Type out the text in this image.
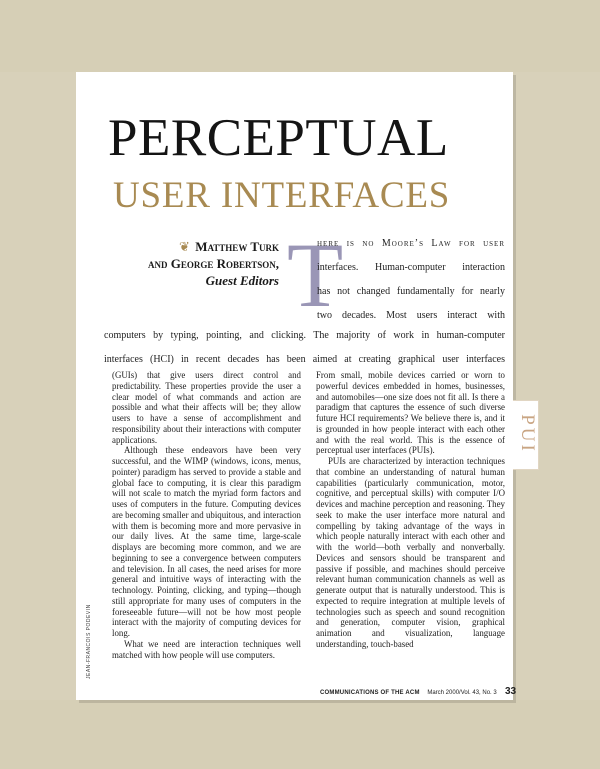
PERCEPTUAL
USER INTERFACES
❦ Matthew Turk
and George Robertson,
Guest Editors T
here is no Moore’s Law for user
interfaces. Human-computer interaction
has not changed fundamentally for nearly
two decades. Most users interact with
computers by typing, pointing, and clicking. The majority of work in human-computer
interfaces (HCI) in recent decades has been aimed at creating graphical user interfaces

(GUIs) that give users direct control and predictability. These properties provide the user a clear model of what commands and action are possible and what their affects will be; they allow users to have a sense of accomplishment and responsibility about their interactions with computer applications.

Although these endeavors have been very successful, and the WIMP (windows, icons, menus, pointer) paradigm has served to provide a stable and global face to computing, it is clear this paradigm will not scale to match the myriad form factors and uses of computers in the future. Computing devices are becoming smaller and ubiquitous, and interaction with them is becoming more and more pervasive in our daily lives. At the same time, large-scale displays are becoming more common, and we are beginning to see a convergence between computers and television. In all cases, the need arises for more general and intuitive ways of interacting with the technology. Pointing, clicking, and typing—though still appropriate for many uses of computers in the foreseeable future—will not be how most people interact with the majority of computing devices for long.

What we need are interaction techniques well matched with how people will use computers.

From small, mobile devices carried or worn to powerful devices embedded in homes, businesses, and automobiles—one size does not fit all. Is there a paradigm that captures the essence of such diverse future HCI requirements? We believe there is, and it is grounded in how people interact with each other and with the real world. This is the essence of perceptual user interfaces (PUIs).

PUIs are characterized by interaction techniques that combine an understanding of natural human capabilities (particularly communication, motor, cognitive, and perceptual skills) with computer I/O devices and machine perception and reasoning. They seek to make the user interface more natural and compelling by taking advantage of the ways in which people naturally interact with each other and with the world—both verbally and nonverbally. Devices and sensors should be transparent and passive if possible, and machines should perceive relevant human communication channels as well as generate output that is naturally understood. This is expected to require integration at multiple levels of technologies such as speech and sound recognition and generation, computer vision, graphical animation and visualization, language understanding, touch-based

PUI
JEAN-FRANCOIS PODEVIN
COMMUNICATIONS OF THE ACM March 2000/Vol. 43, No. 3 33
